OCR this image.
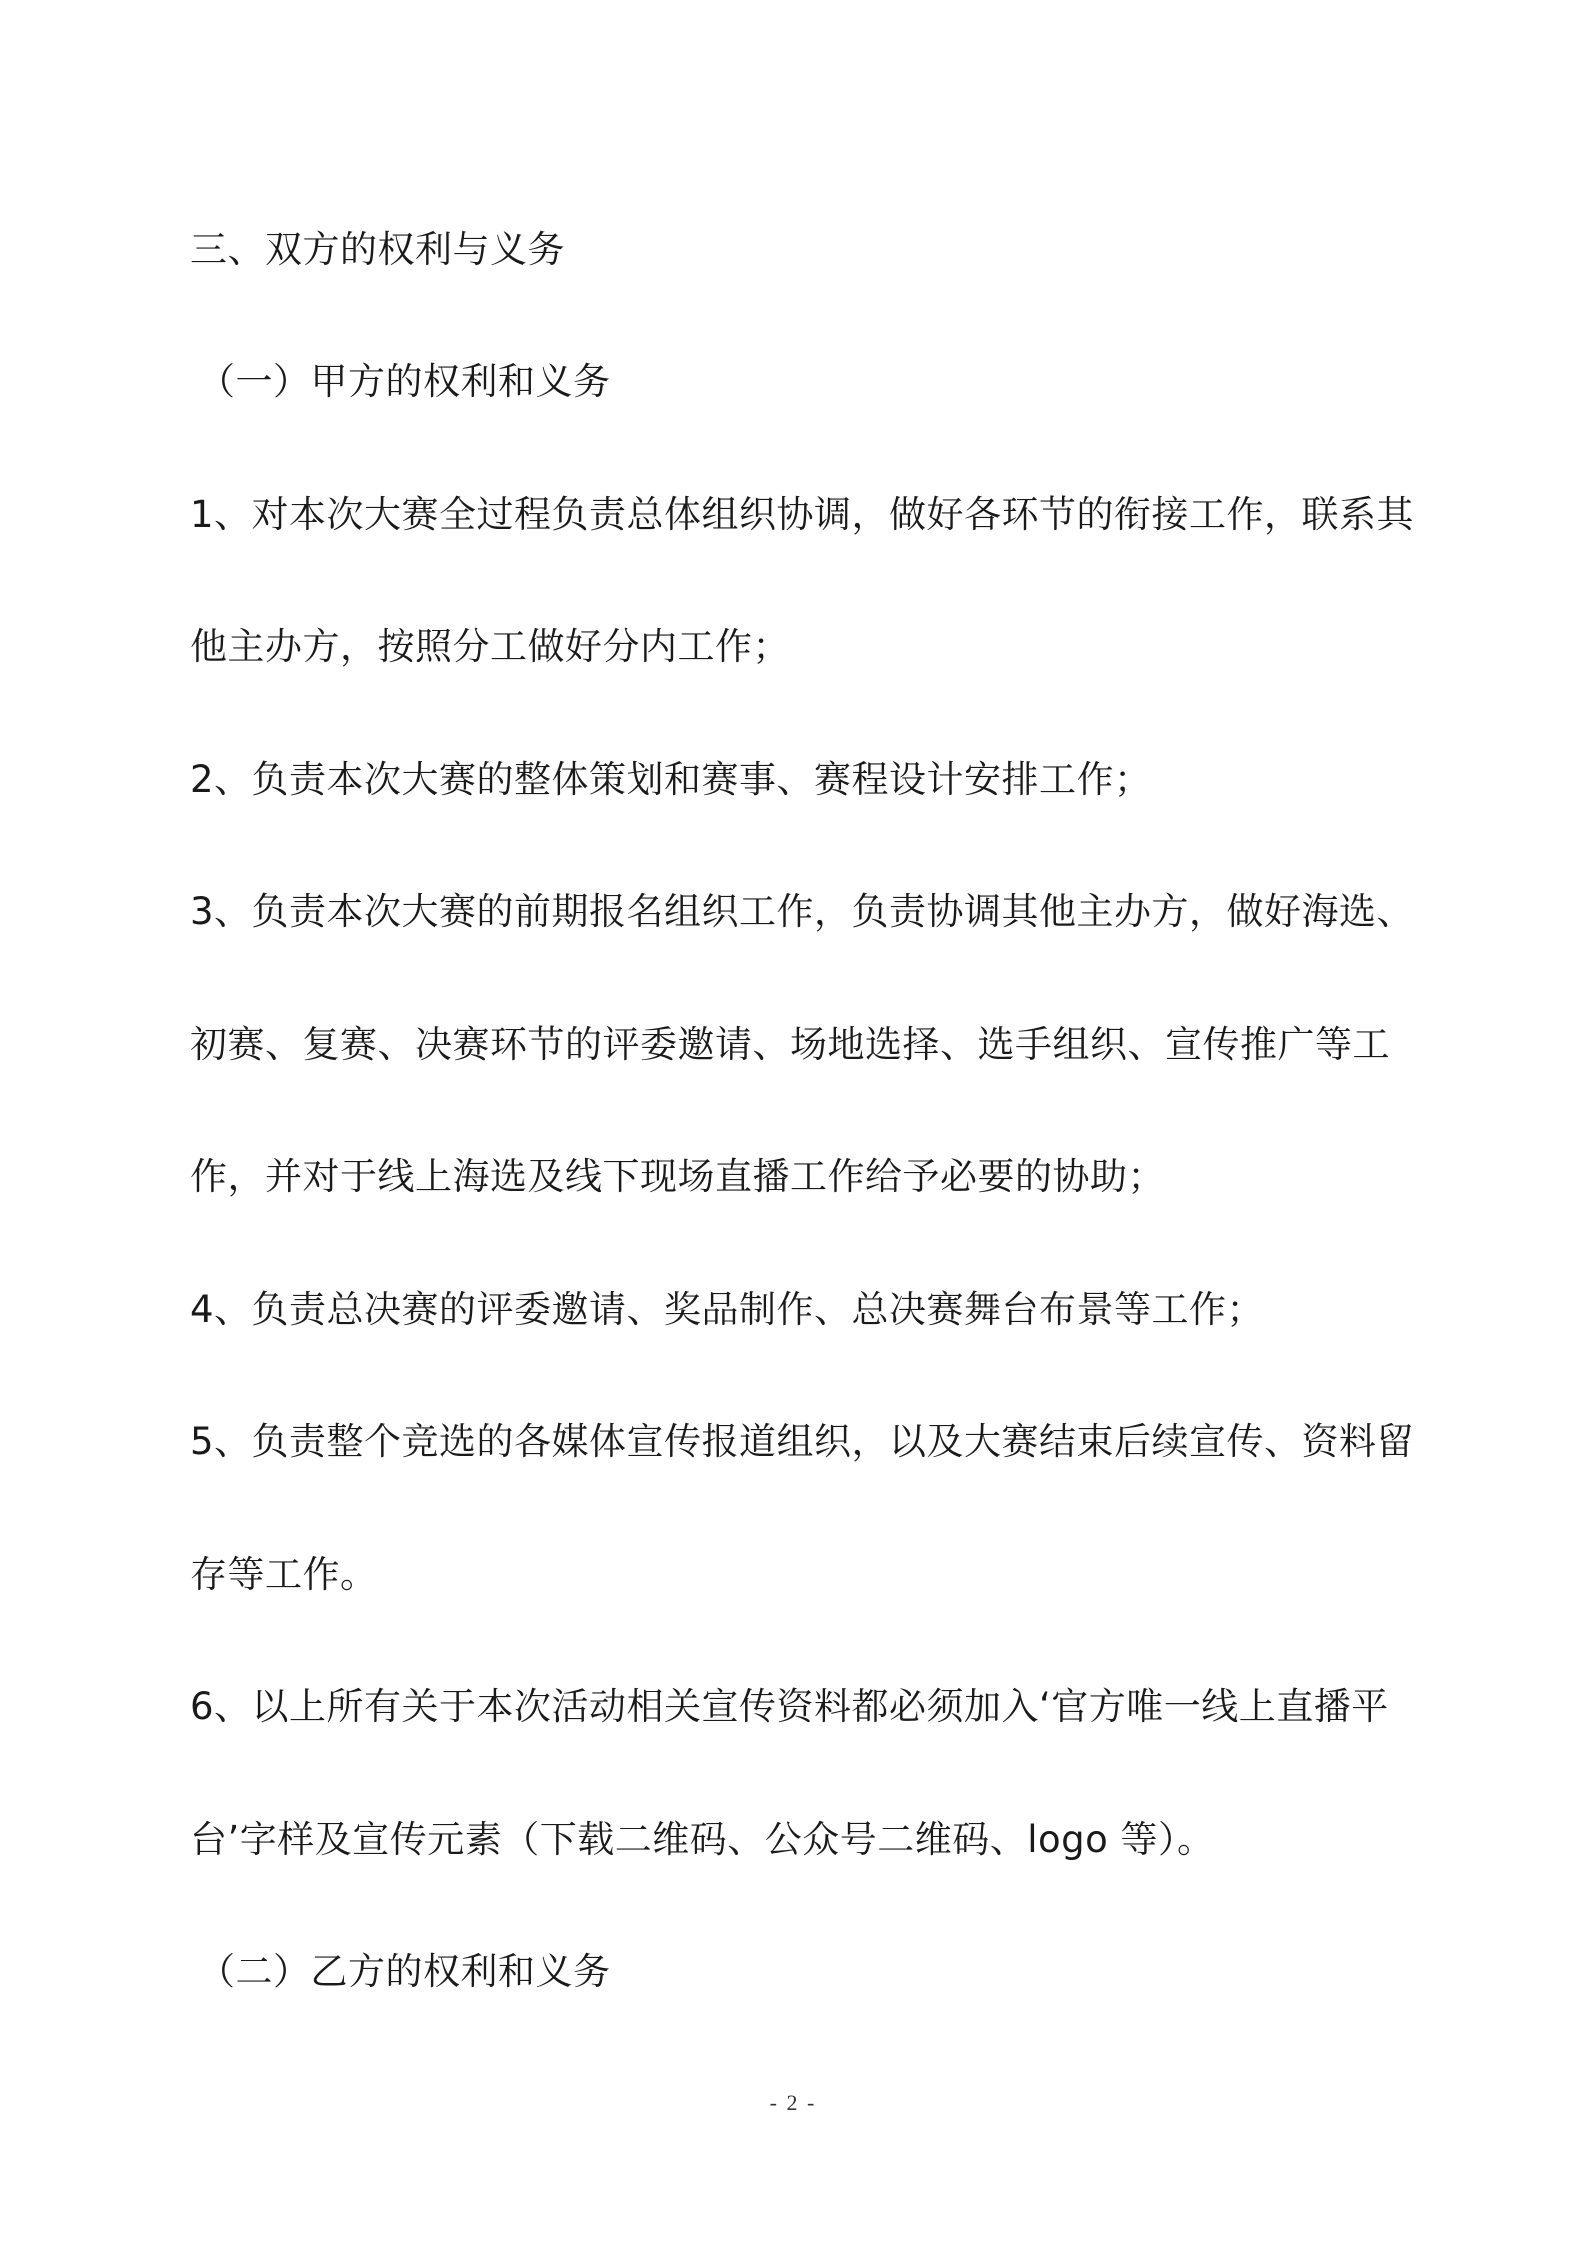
三、双方的权利与义务

（一）甲方的权利和义务

1、对本次大赛全过程负责总体组织协调，做好各环节的衔接工作，联系其

他主办方，按照分工做好分内工作；

2、负责本次大赛的整体策划和赛事、赛程设计安排工作；

3、负责本次大赛的前期报名组织工作，负责协调其他主办方，做好海选、

初赛、复赛、决赛环节的评委邀请、场地选择、选手组织、宣传推广等工

作，并对于线上海选及线下现场直播工作给予必要的协助；

4、负责总决赛的评委邀请、奖品制作、总决赛舞台布景等工作；

5、负责整个竞选的各媒体宣传报道组织，以及大赛结束后续宣传、资料留

存等工作。

6、以上所有关于本次活动相关宣传资料都必须加入‘官方唯一线上直播平

台’字样及宣传元素（下载二维码、公众号二维码、logo 等）。

（二）乙方的权利和义务

- 2 -
